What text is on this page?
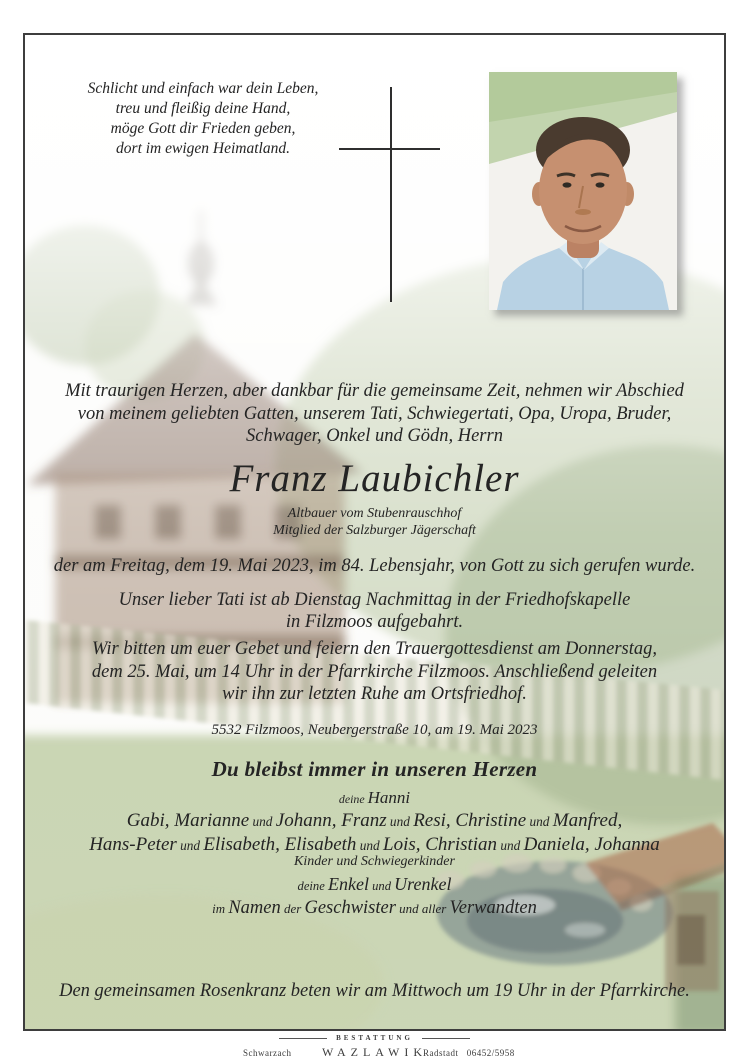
Schlicht und einfach war dein Leben,
treu und fleißig deine Hand,
möge Gott dir Frieden geben,
dort im ewigen Heimatland.
Mit traurigen Herzen, aber dankbar für die gemeinsame Zeit, nehmen wir Abschied
von meinem geliebten Gatten, unserem Tati, Schwiegertati, Opa, Uropa, Bruder,
Schwager, Onkel und Gödn, Herrn
Franz Laubichler
Altbauer vom Stubenrauschhof
Mitglied der Salzburger Jägerschaft
der am Freitag, dem 19. Mai 2023, im 84. Lebensjahr, von Gott zu sich gerufen wurde.
Unser lieber Tati ist ab Dienstag Nachmittag in der Friedhofskapelle
in Filzmoos aufgebahrt.
Wir bitten um euer Gebet und feiern den Trauergottesdienst am Donnerstag,
dem 25. Mai, um 14 Uhr in der Pfarrkirche Filzmoos. Anschließend geleiten
wir ihn zur letzten Ruhe am Ortsfriedhof.
5532 Filzmoos, Neubergerstraße 10, am 19. Mai 2023
Du bleibst immer in unseren Herzen
deine Hanni
Gabi, Marianne und Johann, Franz und Resi, Christine und Manfred,
Hans-Peter und Elisabeth, Elisabeth und Lois, Christian und Daniela, Johanna
Kinder und Schwiegerkinder
deine Enkel und Urenkel
im Namen der Geschwister und aller Verwandten
Den gemeinsamen Rosenkranz beten wir am Mittwoch um 19 Uhr in der Pfarrkirche.
BESTATTUNG
Schwarzach	WAZLAWIK
Radstadt 06452/5958
